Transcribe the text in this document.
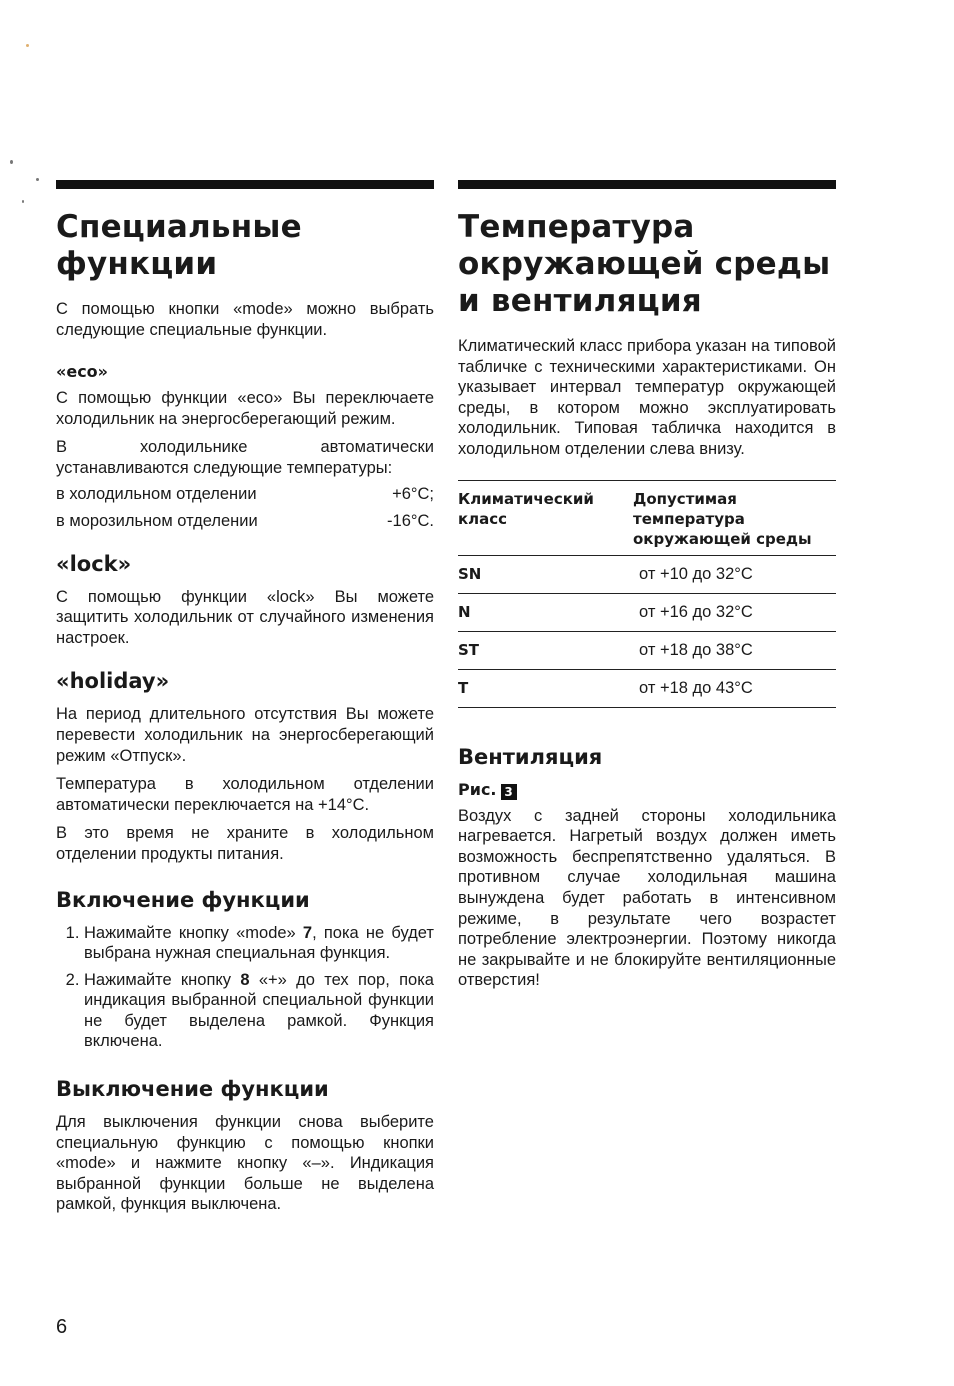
Специальные функции

С помощью кнопки «mode» можно выбрать следующие специальные функции.

«eco»

С помощью функции «eco» Вы переключаете холодильник на энергосберегающий режим.

В холодильнике автоматически устанавливаются следующие температуры:

в холодильном отделении	+6°C;
в морозильном отделении	-16°C.
«lock»

С помощью функции «lock» Вы можете защитить холодильник от случайного изменения настроек.

«holiday»

На период длительного отсутствия Вы можете перевести холодильник на энергосберегающий режим «Отпуск».

Температура в холодильном отделении автоматически переключается на +14°C.

В это время не храните в холодильном отделении продукты питания.

Включение функции
1. Нажимайте кнопку «mode» 7, пока не будет выбрана нужная специальная функция.
2. Нажимайте кнопку 8 «+» до тех пор, пока индикация выбранной специальной функции не будет выделена рамкой. Функция включена.
Выключение функции

Для выключения функции снова выберите специальную функцию с помощью кнопки «mode» и нажмите кнопку «–». Индикация выбранной функции больше не выделена рамкой, функция выключена.

Температура окружающей среды и вентиляция

Климатический класс прибора указан на типовой табличке с техническими характеристиками. Он указывает интервал температур окружающей среды, в котором можно эксплуатировать холодильник. Типовая табличка находится в холодильном отделении слева внизу.

Климатический класс	Допустимая температура окружающей среды
SN	от +10 до 32°C
N	от +16 до 32°C
ST	от +18 до 38°C
T	от +18 до 43°C
Вентиляция
Рис. 3

Воздух с задней стороны холодильника нагревается. Нагретый воздух должен иметь возможность беспрепятственно удаляться. В противном случае холодильная машина вынуждена будет работать в интенсивном режиме, в результате чего возрастет потребление электроэнергии. Поэтому никогда не закрывайте и не блокируйте вентиляционные отверстия!

6
